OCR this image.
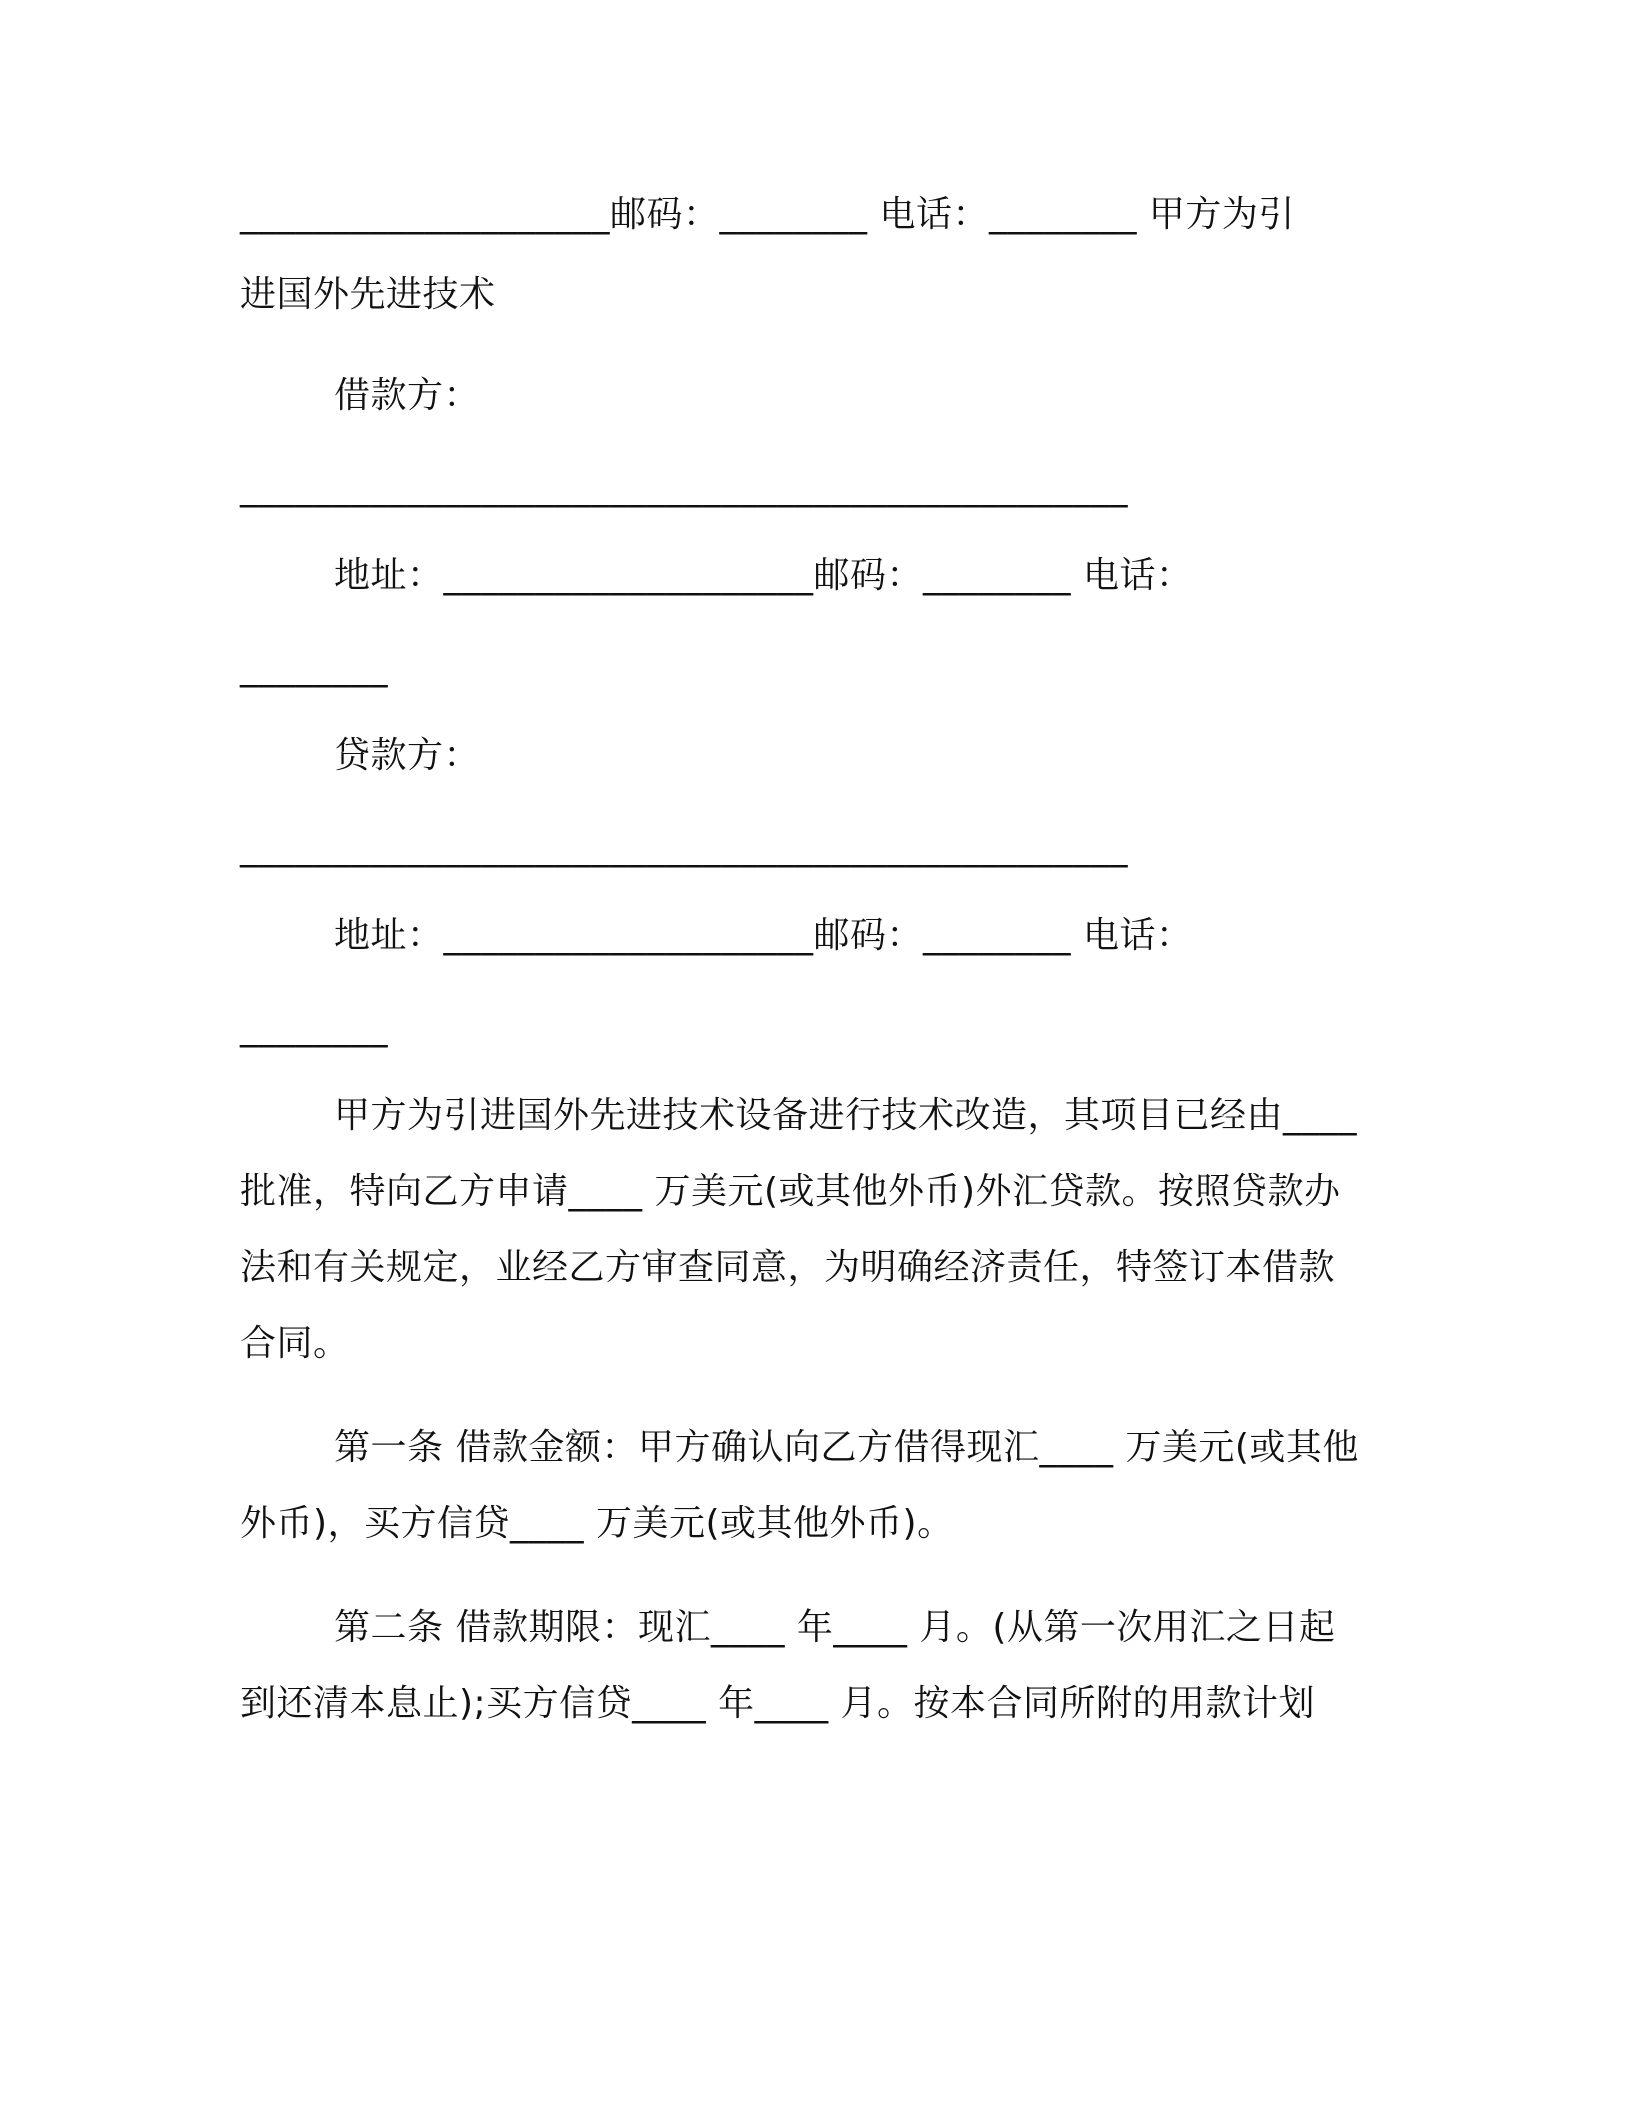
____________________邮码：________ 电话：________ 甲方为引
进国外先进技术
借款方：
________________________________________________
地址：____________________邮码：________ 电话：
________
贷款方：
________________________________________________
地址：____________________邮码：________ 电话：
________
甲方为引进国外先进技术设备进行技术改造，其项目已经由____
批准，特向乙方申请____ 万美元(或其他外币)外汇贷款。按照贷款办
法和有关规定，业经乙方审查同意，为明确经济责任，特签订本借款
合同。
第一条 借款金额：甲方确认向乙方借得现汇____ 万美元(或其他
外币)，买方信贷____ 万美元(或其他外币)。
第二条 借款期限：现汇____ 年____ 月。(从第一次用汇之日起
到还清本息止);买方信贷____ 年____ 月。按本合同所附的用款计划
